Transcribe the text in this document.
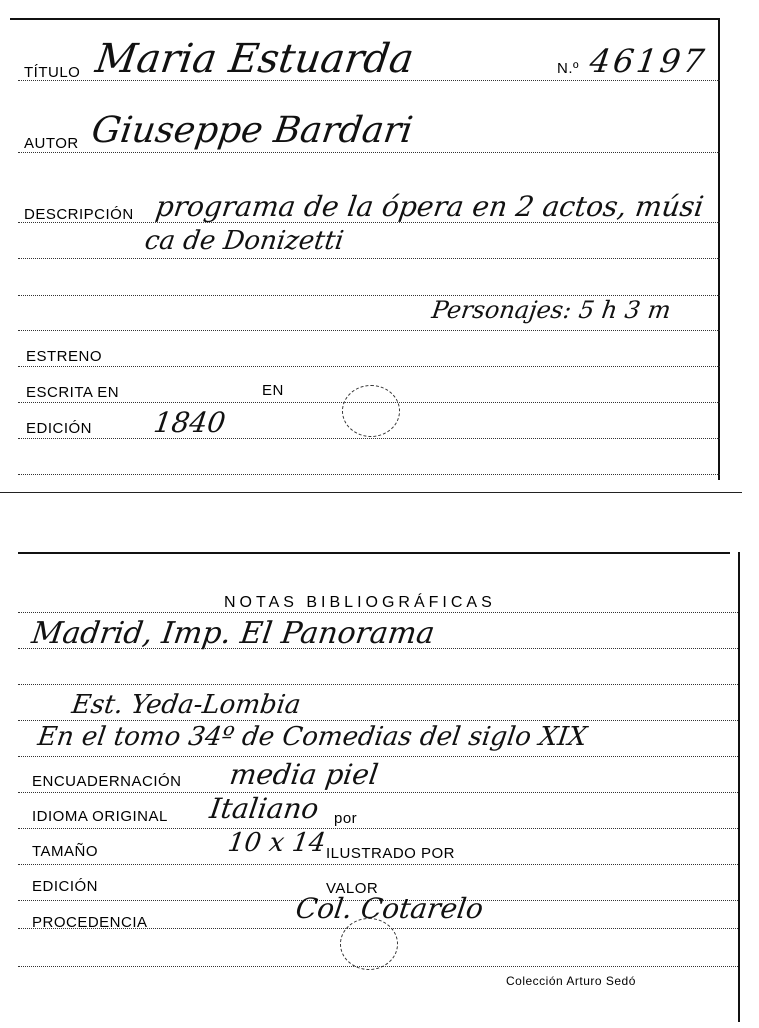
TÍTULO Maria Estuarda	N.º 46197
AUTOR Giuseppe Bardari
DESCRIPCIÓN programa de la ópera en 2 actos, músi
ca de Donizetti
Personajes: 5 h 3 m
ESTRENO
ESCRITA EN	EN
EDICIÓN 1840
NOTAS BIBLIOGRÁFICAS
Madrid, Imp. El Panorama
Est. Yeda-Lombia
En el tomo 34º de Comedias del siglo XIX
ENCUADERNACIÓN media piel
IDIOMA ORIGINAL Italiano por
TAMAÑO	10 x 14
ILUSTRADO POR
EDICIÓN	VALOR
PROCEDENCIA	Col. Cotarelo
Colección Arturo Sedó
